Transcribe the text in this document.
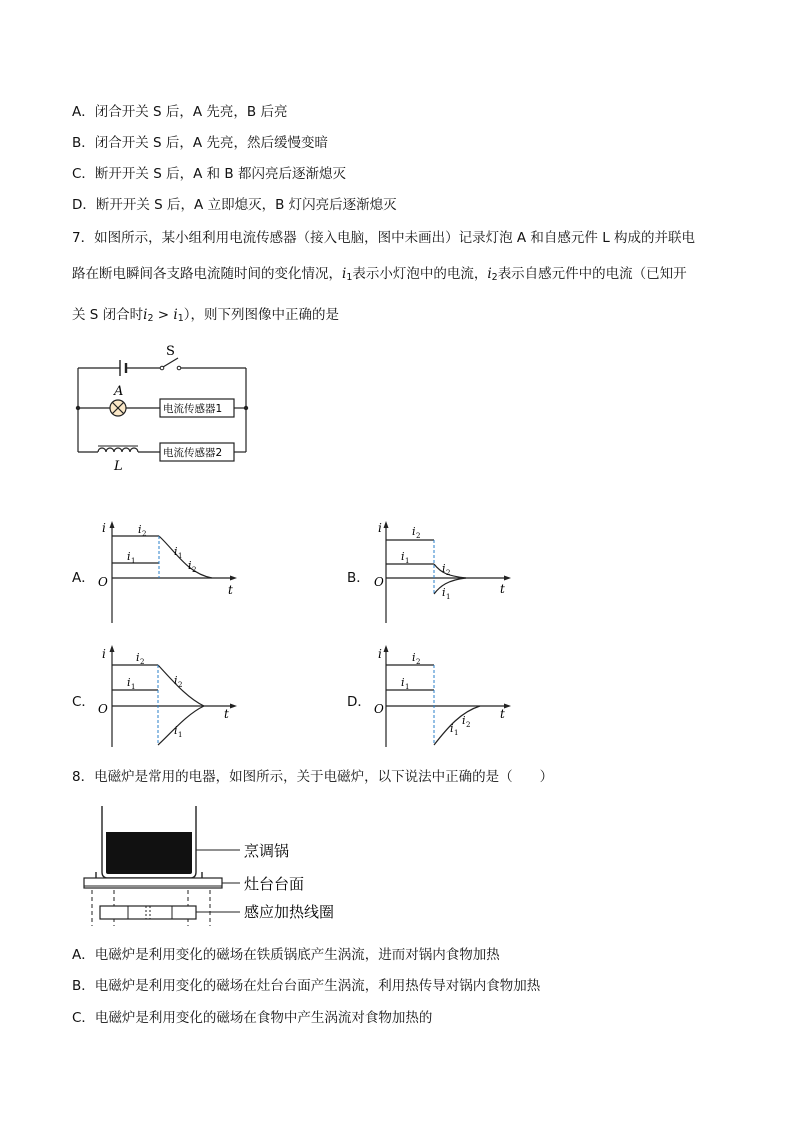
A．闭合开关 S 后，A 先亮，B 后亮
B．闭合开关 S 后，A 先亮，然后缓慢变暗
C．断开开关 S 后，A 和 B 都闪亮后逐渐熄灭
D．断开开关 S 后，A 立即熄灭，B 灯闪亮后逐渐熄灭
7．如图所示，某小组利用电流传感器（接入电脑，图中未画出）记录灯泡 A 和自感元件 L 构成的并联电
路在断电瞬间各支路电流随时间的变化情况，$i_1$表示小灯泡中的电流，$i_2$表示自感元件中的电流（已知开
关 S 闭合时$i_2 > i_1$），则下列图像中正确的是
S
A
L
电流传感器1
电流传感器2
A．
i
O
t
i 2
i 1
i 1
i 2	B．
i
O	t
i 2
i 1
i 2
i 1
C．
i
O	t
i 2
i 1	i 2
i 1
D．
i
O	t
i 2
i 1
i 1
i 2
8．电磁炉是常用的电器，如图所示，关于电磁炉，以下说法中正确的是（　　）
烹调锅
灶台台面
感应加热线圈
A．电磁炉是利用变化的磁场在铁质锅底产生涡流，进而对锅内食物加热
B．电磁炉是利用变化的磁场在灶台台面产生涡流，利用热传导对锅内食物加热
C．电磁炉是利用变化的磁场在食物中产生涡流对食物加热的
